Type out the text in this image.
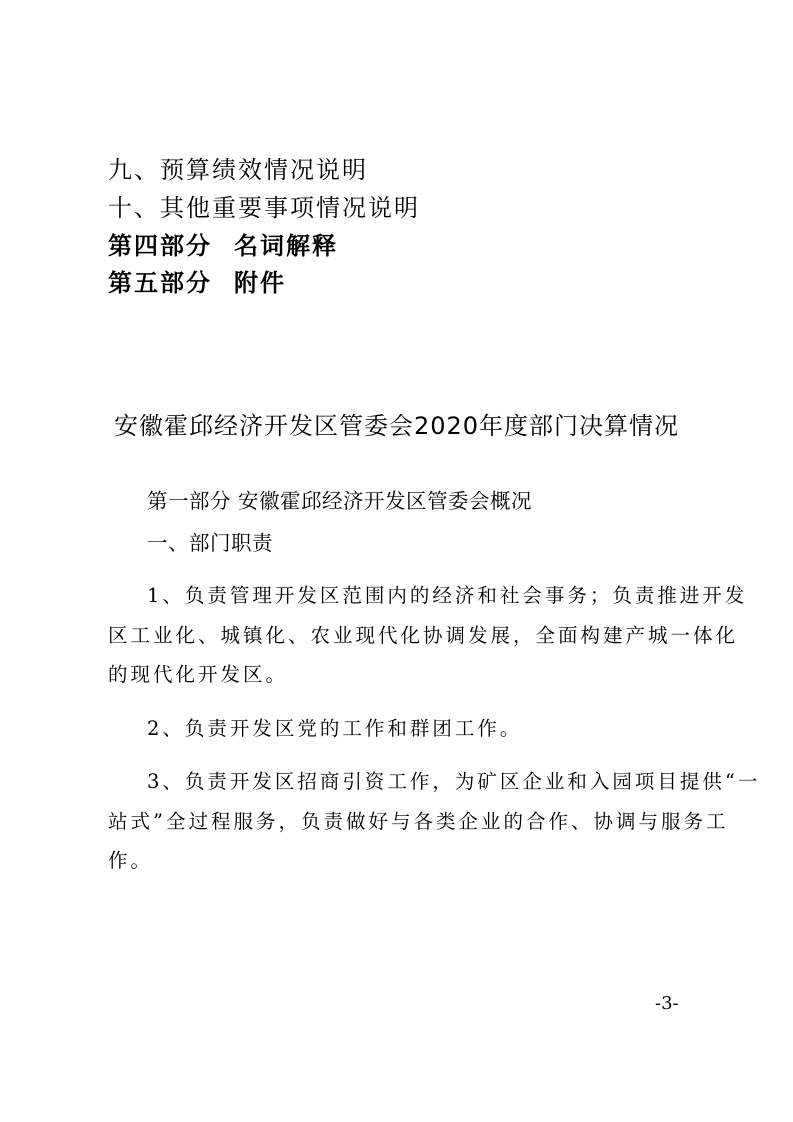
九、预算绩效情况说明

十、其他重要事项情况说明

第四部分 名词解释

第五部分 附件

安徽霍邱经济开发区管委会2020年度部门决算情况
第一部分 安徽霍邱经济开发区管委会概况
一、部门职责

1、负责管理开发区范围内的经济和社会事务；负责推进开发

区工业化、城镇化、农业现代化协调发展，全面构建产城一体化

的现代化开发区。

2、负责开发区党的工作和群团工作。

3、负责开发区招商引资工作，为矿区企业和入园项目提供“一

站式”全过程服务，负责做好与各类企业的合作、协调与服务工

作。

-3-
